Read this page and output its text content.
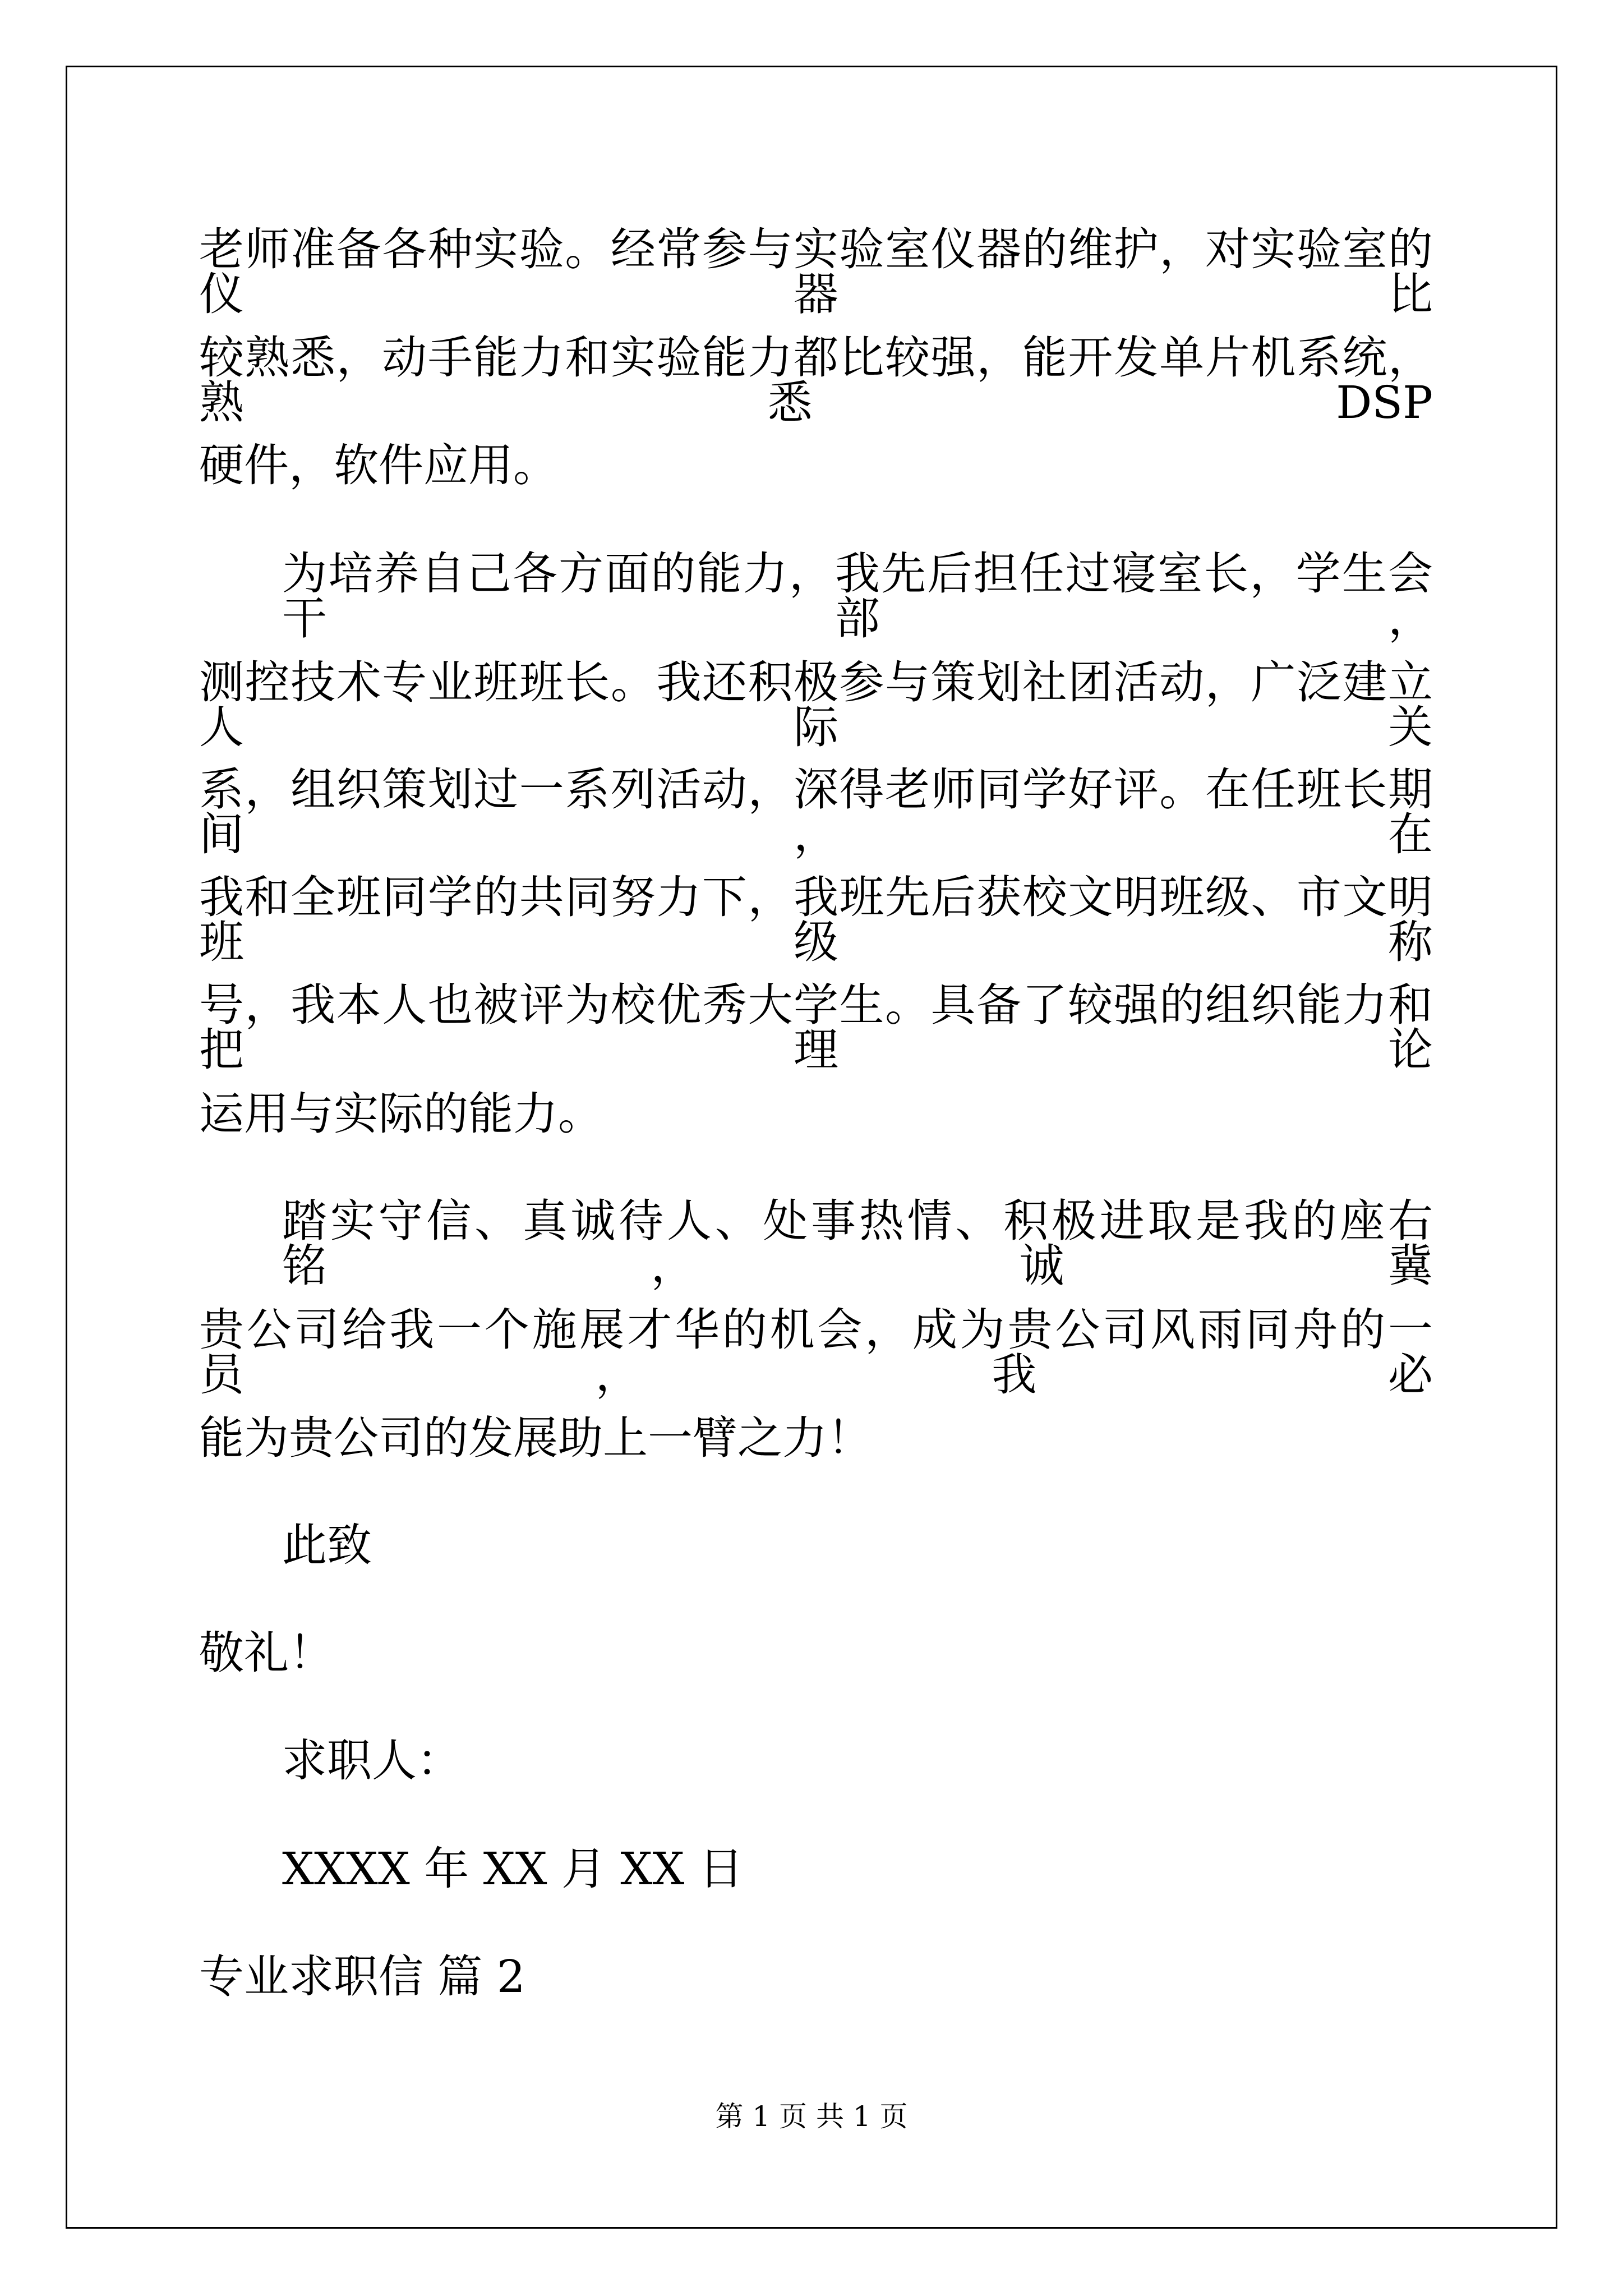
老师准备各种实验。经常参与实验室仪器的维护，对实验室的仪器比
较熟悉，动手能力和实验能力都比较强，能开发单片机系统，熟悉DSP
硬件，软件应用。
为培养自己各方面的能力，我先后担任过寝室长，学生会干部，
测控技术专业班班长。我还积极参与策划社团活动，广泛建立人际关
系，组织策划过一系列活动，深得老师同学好评。在任班长期间，在
我和全班同学的共同努力下，我班先后获校文明班级、市文明班级称
号，我本人也被评为校优秀大学生。具备了较强的组织能力和把理论
运用与实际的能力。
踏实守信、真诚待人、处事热情、积极进取是我的座右铭，诚冀
贵公司给我一个施展才华的机会，成为贵公司风雨同舟的一员，我必
能为贵公司的发展助上一臂之力！
此致
敬礼！
求职人：
XXXX 年 XX 月 XX 日
专业求职信 篇 2
第 1 页 共 1 页
